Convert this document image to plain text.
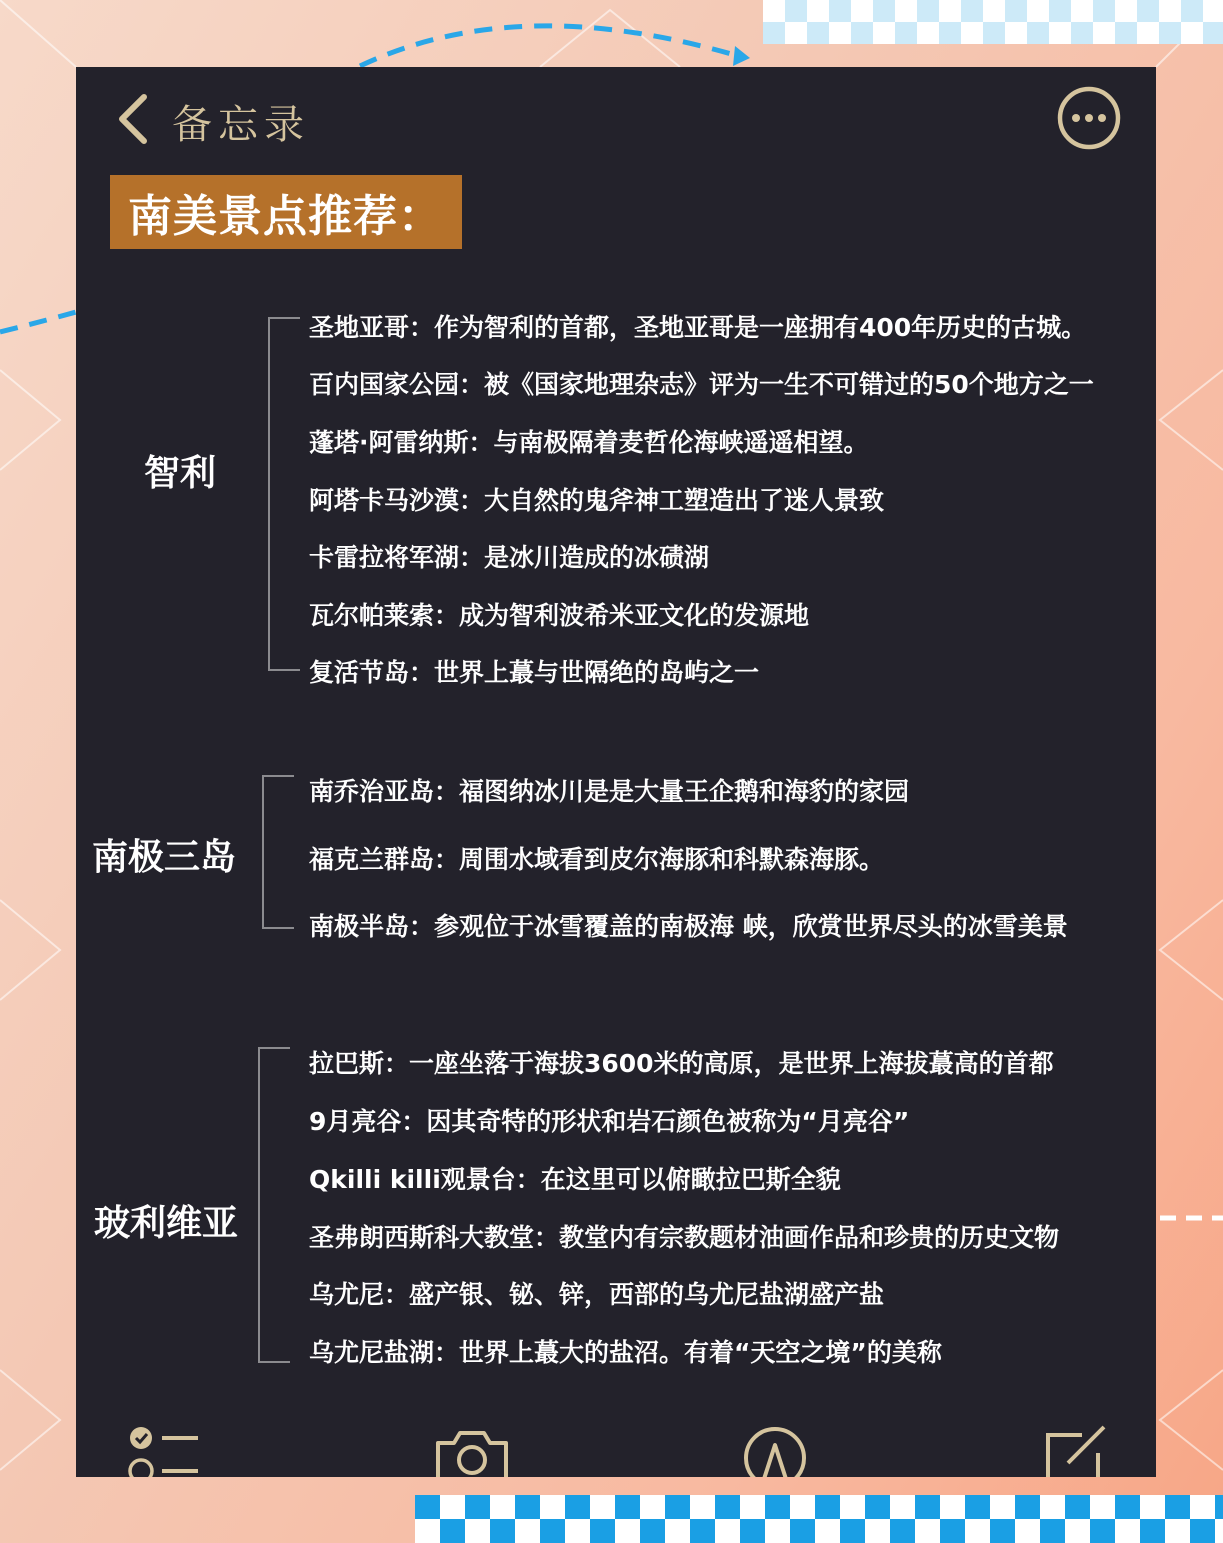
备忘录
南美景点推荐：
智利
圣地亚哥：作为智利的首都，圣地亚哥是一座拥有400年历史的古城。
百内国家公园：被《国家地理杂志》评为一生不可错过的50个地方之一
蓬塔·阿雷纳斯：与南极隔着麦哲伦海峡遥遥相望。
阿塔卡马沙漠：大自然的鬼斧神工塑造出了迷人景致
卡雷拉将军湖：是冰川造成的冰碛湖
瓦尔帕莱索：成为智利波希米亚文化的发源地
复活节岛：世界上蕞与世隔绝的岛屿之一
南极三岛
南乔治亚岛：福图纳冰川是是大量王企鹅和海豹的家园
福克兰群岛：周围水域看到皮尔海豚和科默森海豚。
南极半岛：参观位于冰雪覆盖的南极海 峡，欣赏世界尽头的冰雪美景
玻利维亚
拉巴斯：一座坐落于海拔3600米的高原，是世界上海拔蕞高的首都
9月亮谷：因其奇特的形状和岩石颜色被称为“月亮谷”
Qkilli killi观景台：在这里可以俯瞰拉巴斯全貌
圣弗朗西斯科大教堂：教堂内有宗教题材油画作品和珍贵的历史文物
乌尤尼：盛产银、铋、锌，西部的乌尤尼盐湖盛产盐
乌尤尼盐湖：世界上蕞大的盐沼。有着“天空之境”的美称
